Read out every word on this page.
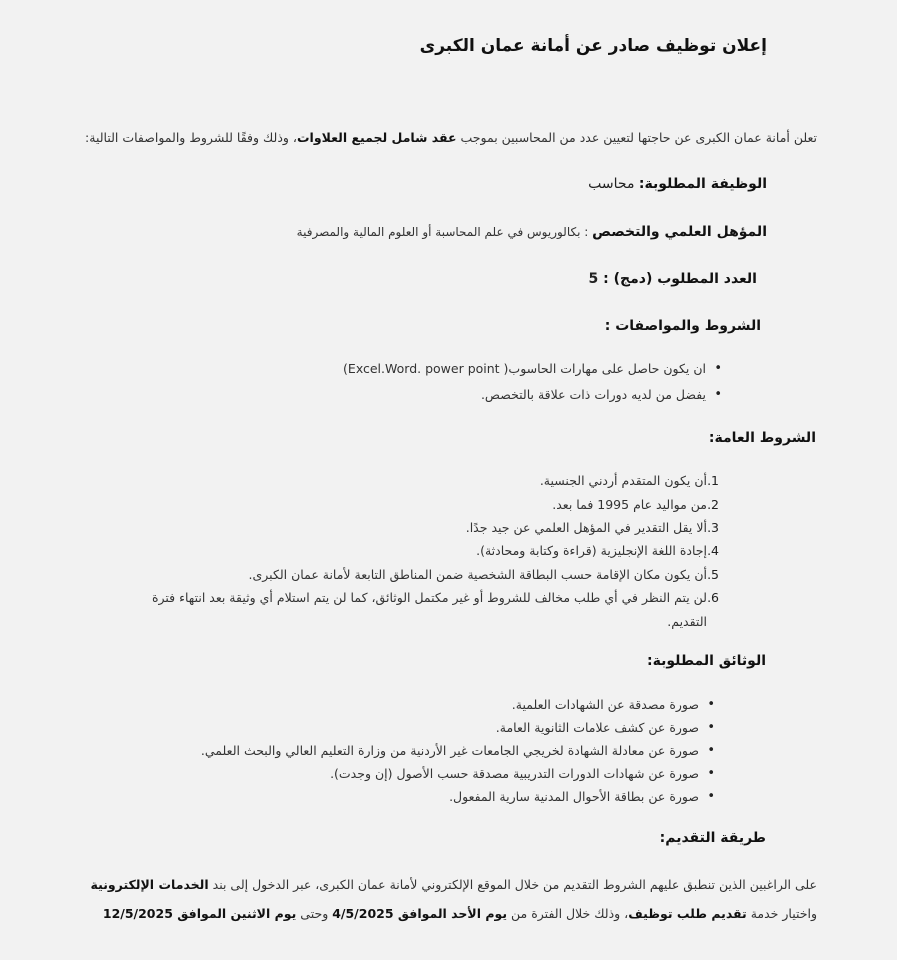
إعلان توظيف صادر عن أمانة عمان الكبرى
تعلن أمانة عمان الكبرى عن حاجتها لتعيين عدد من المحاسبين بموجب عقد شامل لجميع العلاوات، وذلك وفقًا للشروط والمواصفات التالية:
الوظيفة المطلوبة: محاسب
المؤهل العلمي والتخصص : بكالوريوس في علم المحاسبة أو العلوم المالية والمصرفية
العدد المطلوب (دمج) : 5
الشروط والمواصفات :
• ان يكون حاصل على مهارات الحاسوب( Excel.Word. power point)
• يفضل من لديه دورات ذات علاقة بالتخصص.
الشروط العامة:
1.
أن يكون المتقدم أردني الجنسية.
2.
من مواليد عام 1995 فما بعد.
3.
ألا يقل التقدير في المؤهل العلمي عن جيد جدًا.
4.
إجادة اللغة الإنجليزية (قراءة وكتابة ومحادثة).
5.
أن يكون مكان الإقامة حسب البطاقة الشخصية ضمن المناطق التابعة لأمانة عمان الكبرى.
6.
لن يتم النظر في أي طلب مخالف للشروط أو غير مكتمل الوثائق، كما لن يتم استلام أي وثيقة بعد انتهاء فترة
التقديم.
الوثائق المطلوبة:
• صورة مصدقة عن الشهادات العلمية.
• صورة عن كشف علامات الثانوية العامة.
• صورة عن معادلة الشهادة لخريجي الجامعات غير الأردنية من وزارة التعليم العالي والبحث العلمي.
• صورة عن شهادات الدورات التدريبية مصدقة حسب الأصول (إن وجدت).
• صورة عن بطاقة الأحوال المدنية سارية المفعول.
طريقة التقديم:
على الراغبين الذين تنطبق عليهم الشروط التقديم من خلال الموقع الإلكتروني لأمانة عمان الكبرى، عبر الدخول إلى بند الخدمات الإلكترونية
واختيار خدمة تقديم طلب توظيف، وذلك خلال الفترة من يوم الأحد الموافق 4/5/2025 وحتى يوم الاثنين الموافق 12/5/2025
